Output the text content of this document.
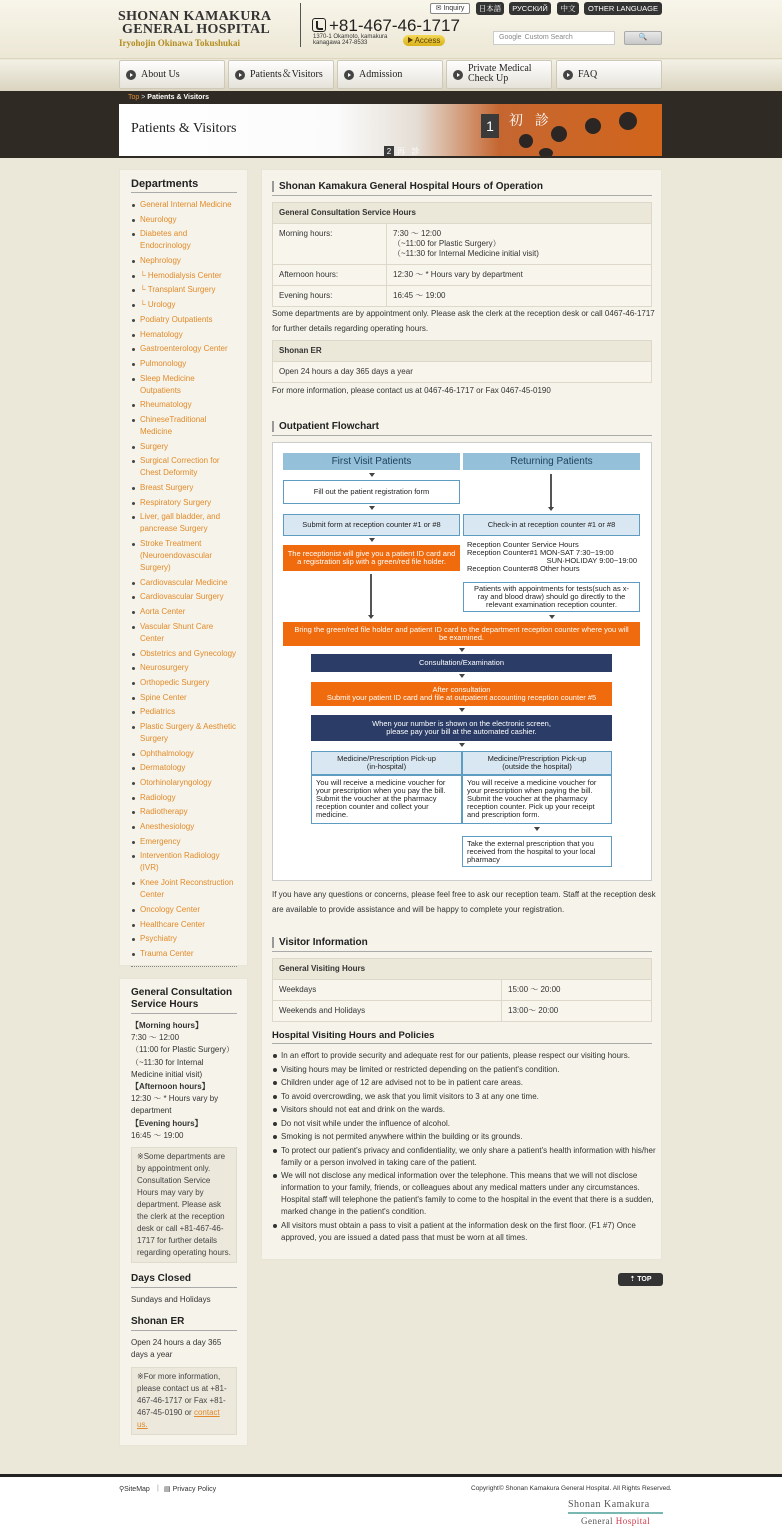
SHONAN KAMAKURA
GENERAL HOSPITAL
Iryohojin Okinawa Tokushukai
+81-467-46-1717
1370-1 Okamoto, kamakura
kanagawa 247-8533	Access
✉ Inquiry	日本語	РУССКИЙ	中文	OTHER LANGUAGE
Google Custom Search	🔍
About Us	Patients＆Visitors	Admission
Private Medical
Check Up	FAQ
Top > Patients & Visitors
Patients & Visitors	1	初 診
2 再 診
Departments
General Internal Medicine
Neurology
Diabetes and Endocrinology
Nephrology
└ Hemodialysis Center
└ Transplant Surgery
└ Urology
Podiatry Outpatients
Hematology
Gastroenterology Center
Pulmonology
Sleep Medicine Outpatients
Rheumatology
ChineseTraditional Medicine
Surgery
Surgical Correction for Chest Deformity
Breast Surgery
Respiratory Surgery
Liver, gall bladder, and pancrease Surgery
Stroke Treatment (Neuroendovascular Surgery)
Cardiovascular Medicine
Cardiovascular Surgery
Aorta Center
Vascular Shunt Care Center
Obstetrics and Gynecology
Neurosurgery
Orthopedic Surgery
Spine Center
Pediatrics
Plastic Surgery & Aesthetic Surgery
Ophthalmology
Dermatology
Otorhinolaryngology
Radiology
Radiotherapy
Anesthesiology
Emergency
Intervention Radiology (IVR)
Knee Joint Reconstruction Center
Oncology Center
Healthcare Center
Psychiatry
Trauma Center
General Consultation Service Hours
【Morning hours】
7:30 ～ 12:00
（11:00 for Plastic Surgery）
（~11:30 for Internal Medicine initial visit)
【Afternoon hours】
12:30 ～ * Hours vary by department
【Evening hours】
16:45 ～ 19:00
※Some departments are by appointment only. Consultation Service Hours may vary by department. Please ask the clerk at the reception desk or call +81-467-46-1717 for further details regarding operating hours.
Days Closed
Sundays and Holidays
Shonan ER
Open 24 hours a day 365 days a year
※For more information, please contact us at +81-467-46-1717 or Fax +81-467-45-0190 or contact us.
Shonan Kamakura General Hospital Hours of Operation
General Consultation Service Hours	
Morning hours:	7:30 ～ 12:00
（~11:00 for Plastic Surgery）
（~11:30 for Internal Medicine initial visit)
Afternoon hours:	12:30 ～ * Hours vary by department
Evening hours:	16:45 ～ 19:00
Some departments are by appointment only. Please ask the clerk at the reception desk or call 0467-46-1717 for further details regarding operating hours.
Shonan ER
Open 24 hours a day 365 days a year
For more information, please contact us at 0467-46-1717 or Fax 0467-45-0190
Outpatient Flowchart
First Visit Patients	Returning Patients
Fill out the patient registration form
Submit form at reception counter #1 or #8	Check-in at reception counter #1 or #8
The receptionist will give you a patient ID card and a registration slip with a green/red file holder.
Reception Counter Service Hours
Reception Counter#1 MON-SAT 7:30~19:00
SUN·HOLIDAY 9:00~19:00
Reception Counter#8 Other hours
Patients with appointments for tests(such as x-ray and blood draw) should go directly to the relevant examination reception counter.
Bring the green/red file holder and patient ID card to the department reception counter where you will be examined.
Consultation/Examination
After consultation
Submit your patient ID card and file at outpatient accounting reception counter #5
When your number is shown on the electronic screen,
please pay your bill at the automated cashier.
Medicine/Prescription Pick-up
(in-hospital)
Medicine/Prescription Pick-up
(outside the hospital)
You will receive a medicine voucher for your prescription when you pay the bill. Submit the voucher at the pharmacy reception counter and collect your medicine.
You will receive a medicine voucher for your prescription when paying the bill. Submit the voucher at the pharmacy reception counter. Pick up your receipt and prescription form.
Take the external prescription that you received from the hospital to your local pharmacy
If you have any questions or concerns, please feel free to ask our reception team. Staff at the reception desk are available to provide assistance and will be happy to complete your registration.
Visitor Information
General Visiting Hours	
Weekdays	15:00 ～ 20:00
Weekends and Holidays	13:00～ 20:00
Hospital Visiting Hours and Policies
In an effort to provide security and adequate rest for our patients, please respect our visiting hours.
Visiting hours may be limited or restricted depending on the patient's condition.
Children under age of 12 are advised not to be in patient care areas.
To avoid overcrowding, we ask that you limit visitors to 3 at any one time.
Visitors should not eat and drink on the wards.
Do not visit while under the influence of alcohol.
Smoking is not permited anywhere within the building or its grounds.
To protect our patient's privacy and confidentiality, we only share a patient's health information with his/her family or a person involved in taking care of the patient.
We will not disclose any medical information over the telephone. This means that we will not disclose information to your family, friends, or colleagues about any medical matters under any circumstances. Hospital staff will telephone the patient's family to come to the hospital in the event that there is a sudden, marked change in the patient's condition.
All visitors must obtain a pass to visit a patient at the information desk on the first floor. (F1 #7) Once approved, you are issued a dated pass that must be worn at all times.
⇡ TOP
⚲SiteMap | ▤ Privacy Policy	Copyright© Shonan Kamakura General Hospital. All Rights Reserved.
Shonan Kamakura
General Hospital
